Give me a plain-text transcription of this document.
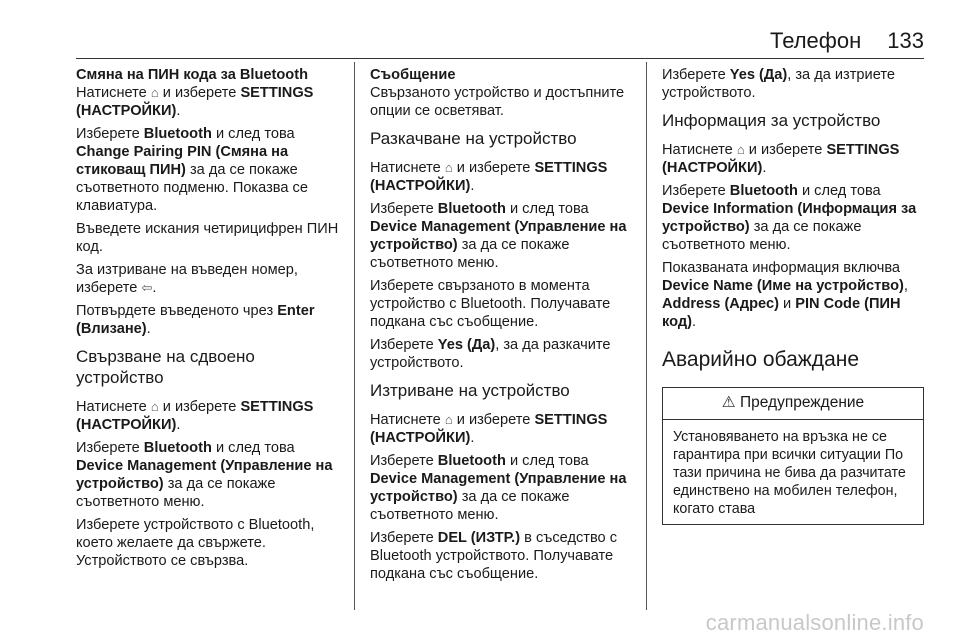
Телефон 133

Смяна на ПИН кода за Bluetooth

Натиснете ⌂ и изберете SETTINGS (НАСТРОЙКИ).

Изберете Bluetooth и след това Change Pairing PIN (Смяна на стиковащ ПИН) за да се покаже съответното подменю. Показва се клавиатура.

Въведете искания четирицифрен ПИН код.

За изтриване на въведен номер, изберете ⇦.

Потвърдете въведеното чрез Enter (Влизане).

Свързване на сдвоено устройство

Натиснете ⌂ и изберете SETTINGS (НАСТРОЙКИ).

Изберете Bluetooth и след това Device Management (Управление на устройство) за да се покаже съответното меню.

Изберете устройството с Bluetooth, което желаете да свържете. Устройството се свързва.

Съобщение

Свързаното устройство и достъпните опции се осветяват.

Разкачване на устройство

Натиснете ⌂ и изберете SETTINGS (НАСТРОЙКИ).

Изберете Bluetooth и след това Device Management (Управление на устройство) за да се покаже съответното меню.

Изберете свързаното в момента устройство с Bluetooth. Получавате подкана със съобщение.

Изберете Yes (Да), за да разкачите устройството.

Изтриване на устройство

Натиснете ⌂ и изберете SETTINGS (НАСТРОЙКИ).

Изберете Bluetooth и след това Device Management (Управление на устройство) за да се покаже съответното меню.

Изберете DEL (ИЗТР.) в съседство с Bluetooth устройството. Получавате подкана със съобщение.

Изберете Yes (Да), за да изтриете устройството.

Информация за устройство

Натиснете ⌂ и изберете SETTINGS (НАСТРОЙКИ).

Изберете Bluetooth и след това Device Information (Информация за устройство) за да се покаже съответното меню.

Показваната информация включва Device Name (Име на устройство), Address (Адрес) и PIN Code (ПИН код).

Аварийно обаждане
⚠ Предупреждение
Установяването на връзка не се гарантира при всички ситуации По тази причина не бива да разчитате единствено на мобилен телефон, когато става
carmanualsonline.info
